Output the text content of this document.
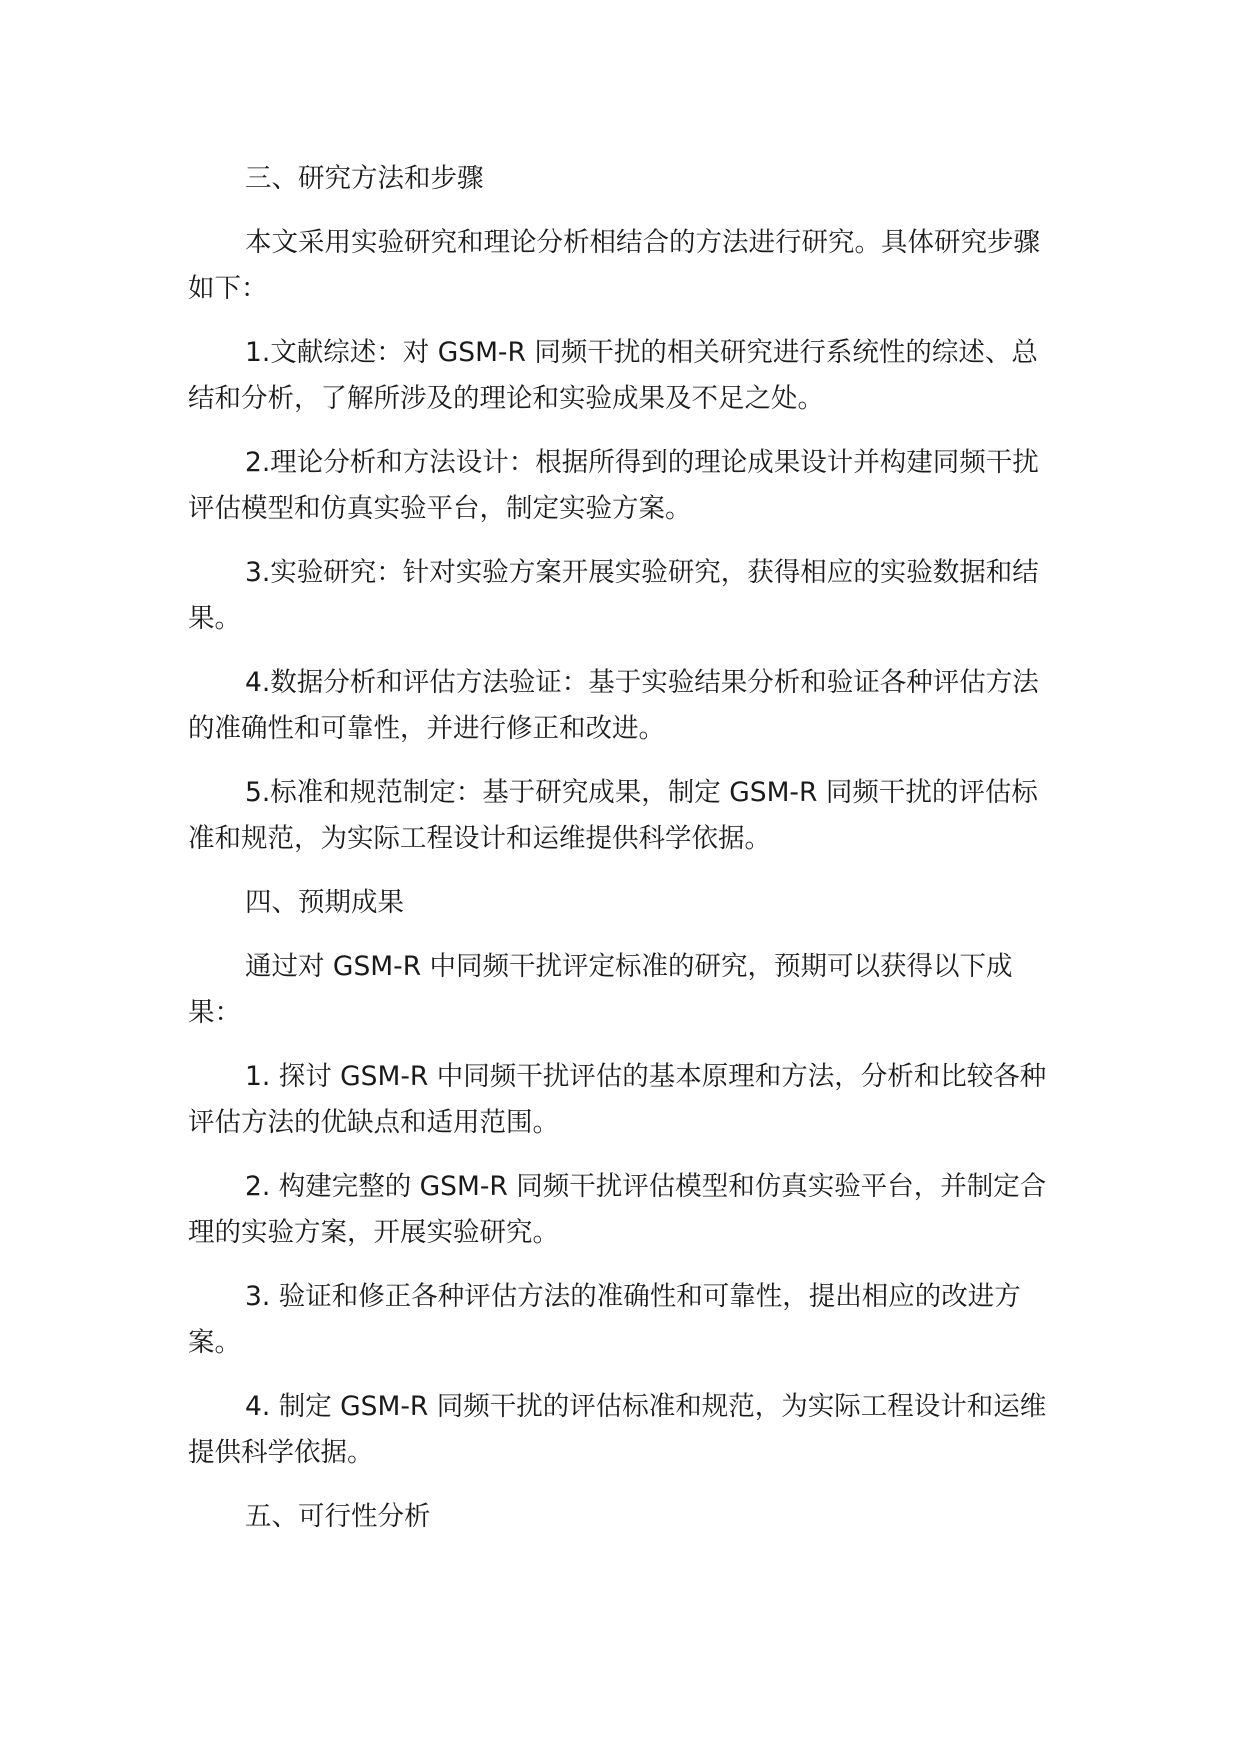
三、研究方法和步骤

本文采用实验研究和理论分析相结合的方法进行研究。具体研究步骤如下：

1.文献综述：对 GSM-R 同频干扰的相关研究进行系统性的综述、总结和分析，了解所涉及的理论和实验成果及不足之处。

2.理论分析和方法设计：根据所得到的理论成果设计并构建同频干扰评估模型和仿真实验平台，制定实验方案。

3.实验研究：针对实验方案开展实验研究，获得相应的实验数据和结果。

4.数据分析和评估方法验证：基于实验结果分析和验证各种评估方法的准确性和可靠性，并进行修正和改进。

5.标准和规范制定：基于研究成果，制定 GSM-R 同频干扰的评估标准和规范，为实际工程设计和运维提供科学依据。

四、预期成果

通过对 GSM-R 中同频干扰评定标准的研究，预期可以获得以下成果：

1. 探讨 GSM-R 中同频干扰评估的基本原理和方法，分析和比较各种评估方法的优缺点和适用范围。

2. 构建完整的 GSM-R 同频干扰评估模型和仿真实验平台，并制定合理的实验方案，开展实验研究。

3. 验证和修正各种评估方法的准确性和可靠性，提出相应的改进方案。

4. 制定 GSM-R 同频干扰的评估标准和规范，为实际工程设计和运维提供科学依据。

五、可行性分析
